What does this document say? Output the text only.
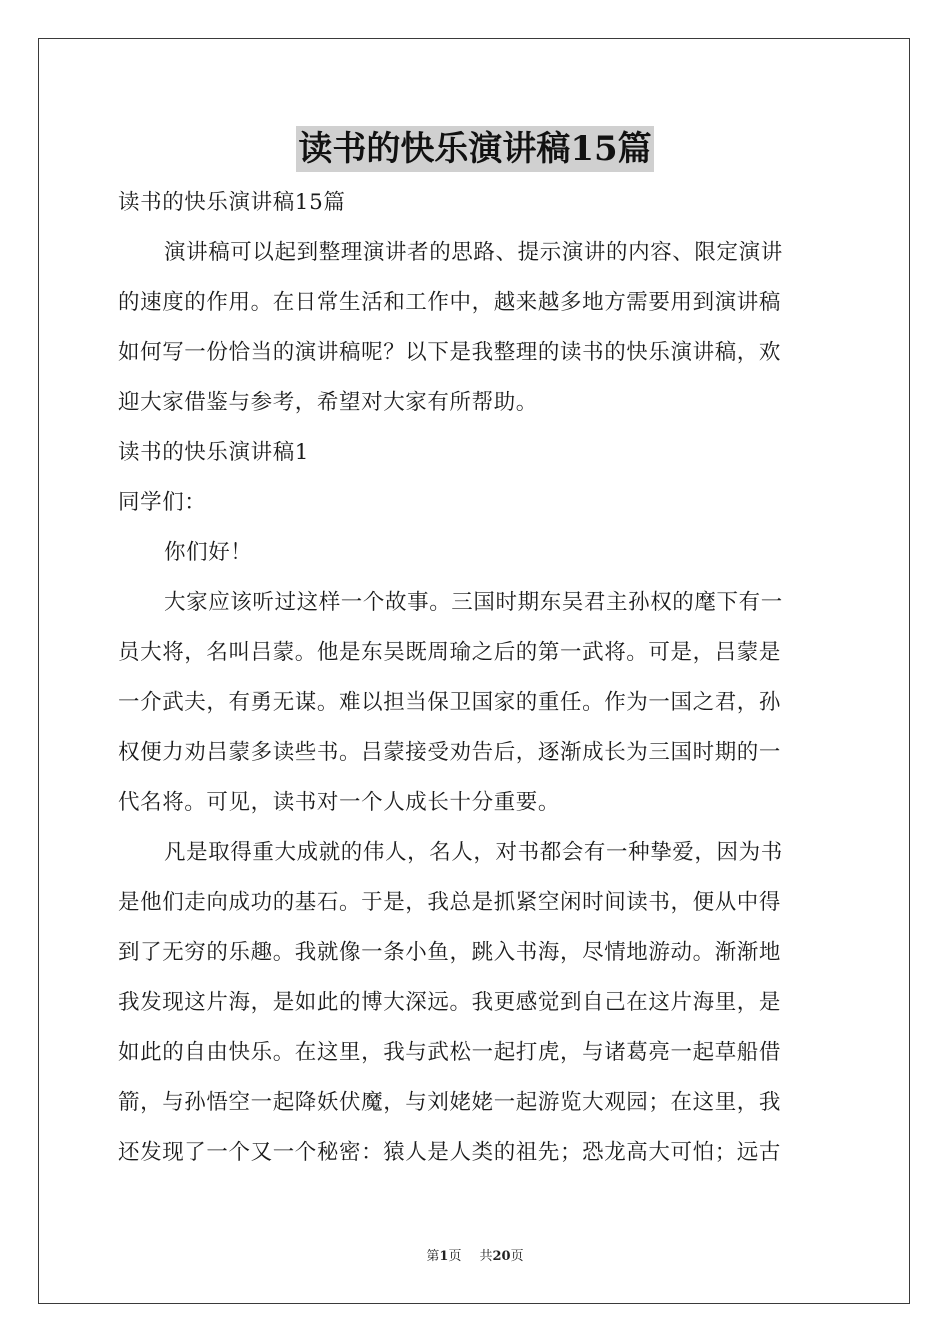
读书的快乐演讲稿15篇
读书的快乐演讲稿15篇
演讲稿可以起到整理演讲者的思路、提示演讲的内容、限定演讲
的速度的作用。在日常生活和工作中，越来越多地方需要用到演讲稿
如何写一份恰当的演讲稿呢？以下是我整理的读书的快乐演讲稿，欢
迎大家借鉴与参考，希望对大家有所帮助。
读书的快乐演讲稿1
同学们：
你们好！
大家应该听过这样一个故事。三国时期东吴君主孙权的麾下有一
员大将，名叫吕蒙。他是东吴既周瑜之后的第一武将。可是，吕蒙是
一介武夫，有勇无谋。难以担当保卫国家的重任。作为一国之君，孙
权便力劝吕蒙多读些书。吕蒙接受劝告后，逐渐成长为三国时期的一
代名将。可见，读书对一个人成长十分重要。
凡是取得重大成就的伟人，名人，对书都会有一种挚爱，因为书
是他们走向成功的基石。于是，我总是抓紧空闲时间读书，便从中得
到了无穷的乐趣。我就像一条小鱼，跳入书海，尽情地游动。渐渐地
我发现这片海，是如此的博大深远。我更感觉到自己在这片海里，是
如此的自由快乐。在这里，我与武松一起打虎，与诸葛亮一起草船借
箭，与孙悟空一起降妖伏魔，与刘姥姥一起游览大观园；在这里，我
还发现了一个又一个秘密：猿人是人类的祖先；恐龙高大可怕；远古
第1页 共20页
